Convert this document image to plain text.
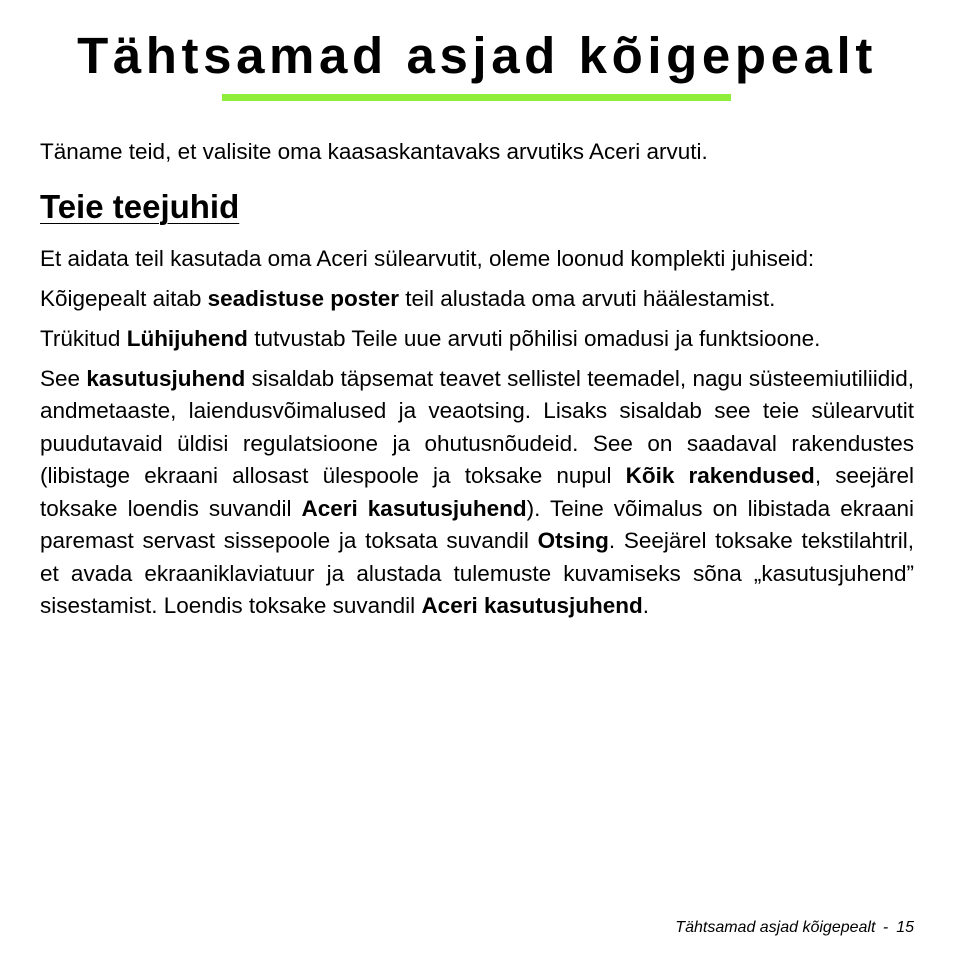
Tähtsamad asjad kõigepealt

Täname teid, et valisite oma kaasaskantavaks arvutiks Aceri arvuti.

Teie teejuhid

Et aidata teil kasutada oma Aceri sülearvutit, oleme loonud komplekti juhiseid:

Kõigepealt aitab seadistuse poster teil alustada oma arvuti häälestamist.

Trükitud Lühijuhend tutvustab Teile uue arvuti põhilisi omadusi ja funktsioone.

See kasutusjuhend sisaldab täpsemat teavet sellistel teemadel, nagu süsteemiutiliidid, andmetaaste, laiendusvõimalused ja veaotsing. Lisaks sisaldab see teie sülearvutit puudutavaid üldisi regulatsioone ja ohutusnõudeid. See on saadaval rakendustes (libistage ekraani allosast ülespoole ja toksake nupul Kõik rakendused, seejärel toksake loendis suvandil Aceri kasutusjuhend). Teine võimalus on libistada ekraani paremast servast sissepoole ja toksata suvandil Otsing. Seejärel toksake tekstilahtril, et avada ekraaniklaviatuur ja alustada tulemuste kuvamiseks sõna „kasutusjuhend” sisestamist. Loendis toksake suvandil Aceri kasutusjuhend.

Tähtsamad asjad kõigepealt - 15
